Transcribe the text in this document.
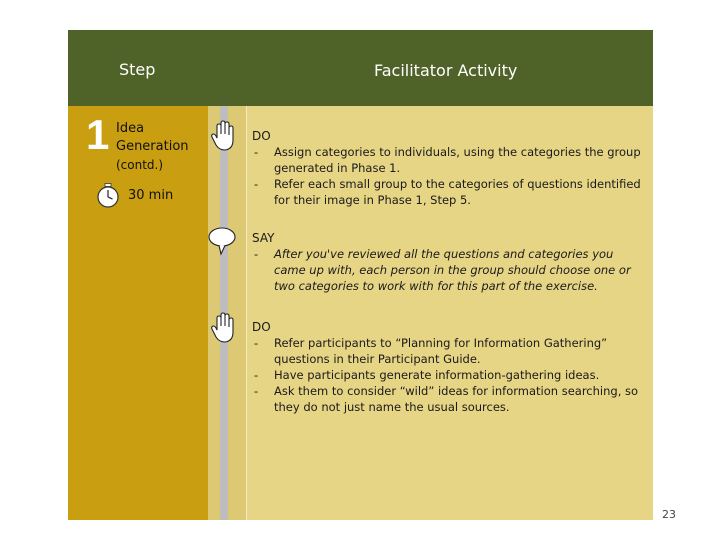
Step	Facilitator Activity
1 Idea
Generation
(contd.)
30 min
DO
- Assign categories to individuals, using the categories the group generated in Phase 1.
- Refer each small group to the categories of questions identified for their image in Phase 1, Step 5.
SAY
- After you've reviewed all the questions and categories you came up with, each person in the group should choose one or two categories to work with for this part of the exercise.
DO
- Refer participants to “Planning for Information Gathering” questions in their Participant Guide.
- Have participants generate information-gathering ideas.
- Ask them to consider “wild” ideas for information searching, so they do not just name the usual sources.
23
